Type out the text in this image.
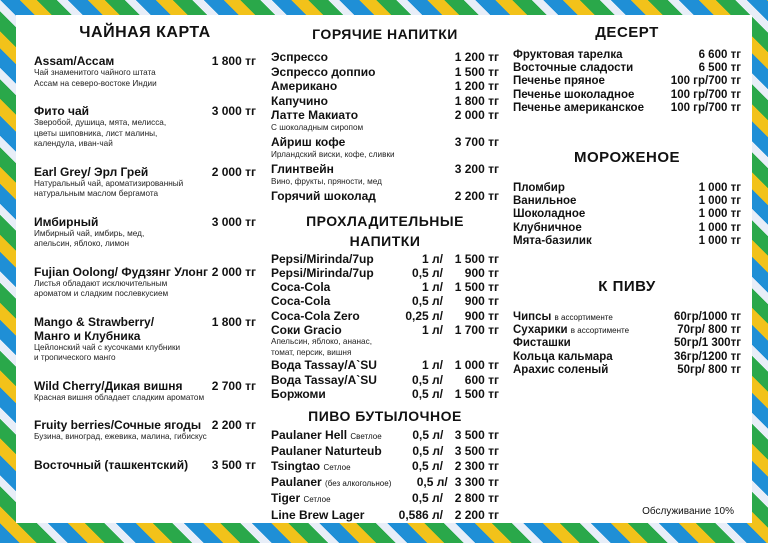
ЧАЙНАЯ КАРТА
Assam/Ассам	1 800 тг
Чай знаменитого чайного штата
Ассам на северо-востоке Индии
Фито чай	3 000 тг
Зверобой, душица, мята, мелисса,
цветы шиповника, лист малины,
календула, иван-чай
Earl Grey/ Эрл Грей	2 000 тг
Натуральный чай, ароматизированный
натуральным маслом бергамота
Имбирный	3 000 тг
Имбирный чай, имбирь, мед,
апельсин, яблоко, лимон
Fujian Oolong/ Фудзянг Улонг 2 000 тг
Листья обладают исключительным
ароматом и сладким послевкусием
Mango & Strawberry/	1 800 тг
Манго и Клубника
Цейлонский чай с кусочками клубники
и тропического манго
Wild Cherry/Дикая вишня	2 700 тг
Красная вишня обладает сладким ароматом
Fruity berries/Сочные ягоды 2 200 тг
Бузина, виноград, ежевика, малина, гибискус
Восточный (ташкентский)	3 500 тг
ГОРЯЧИЕ НАПИТКИ
Эспрессо	1 200 тг
Эспрессо доппио	1 500 тг
Американо	1 200 тг
Капучино	1 800 тг
Латте Макиато	2 000 тг
С шоколадным сиропом
Айриш кофе	3 700 тг
Ирландский виски, кофе, сливки
Глинтвейн	3 200 тг
Вино, фрукты, пряности, мед
Горячий шоколад	2 200 тг
ПРОХЛАДИТЕЛЬНЫЕ
НАПИТКИ
Pepsi/Mirinda/7up	1 л/ 1 500 тг
Pepsi/Mirinda/7up	0,5 л/	900 тг
Coca-Cola	1 л/ 1 500 тг
Coca-Cola	0,5 л/	900 тг
Coca-Cola Zero	0,25 л/	900 тг
Соки Gracio	1 л/ 1 700 тг
Апельсин, яблоко, ананас,
томат, персик, вишня
Вода Tassay/A`SU	1 л/ 1 000 тг
Вода Tassay/A`SU	0,5 л/	600 тг
Боржоми	0,5 л/ 1 500 тг
ПИВО БУТЫЛОЧНОЕ
Paulaner Hell Светлое	0,5 л/ 3 500 тг
Paulaner Naturteub	0,5 л/ 3 500 тг
Tsingtao Сетлое	0,5 л/ 2 300 тг
Paulaner (без алкогольное)	0,5 л/ 3 300 тг
Tiger Сетлое	0,5 л/ 2 800 тг
Line Brew Lager	0,586 л/ 2 200 тг
ДЕСЕРТ
Фруктовая тарелка	6 600 тг
Восточные сладости	6 500 тг
Печенье пряное	100 гр/700 тг
Печенье шоколадное	100 гр/700 тг
Печенье американское	100 гр/700 тг
МОРОЖЕНОЕ
Пломбир	1 000 тг
Ванильное	1 000 тг
Шоколадное	1 000 тг
Клубничное	1 000 тг
Мята-базилик	1 000 тг
К ПИВУ
Чипсы в ассортименте	60гр/1000 тг
Сухарики в ассортименте	70гр/ 800 тг
Фисташки	50гр/1 300тг
Кольца кальмара	36гр/1200 тг
Арахис соленый	50гр/ 800 тг
Обслуживание 10%
